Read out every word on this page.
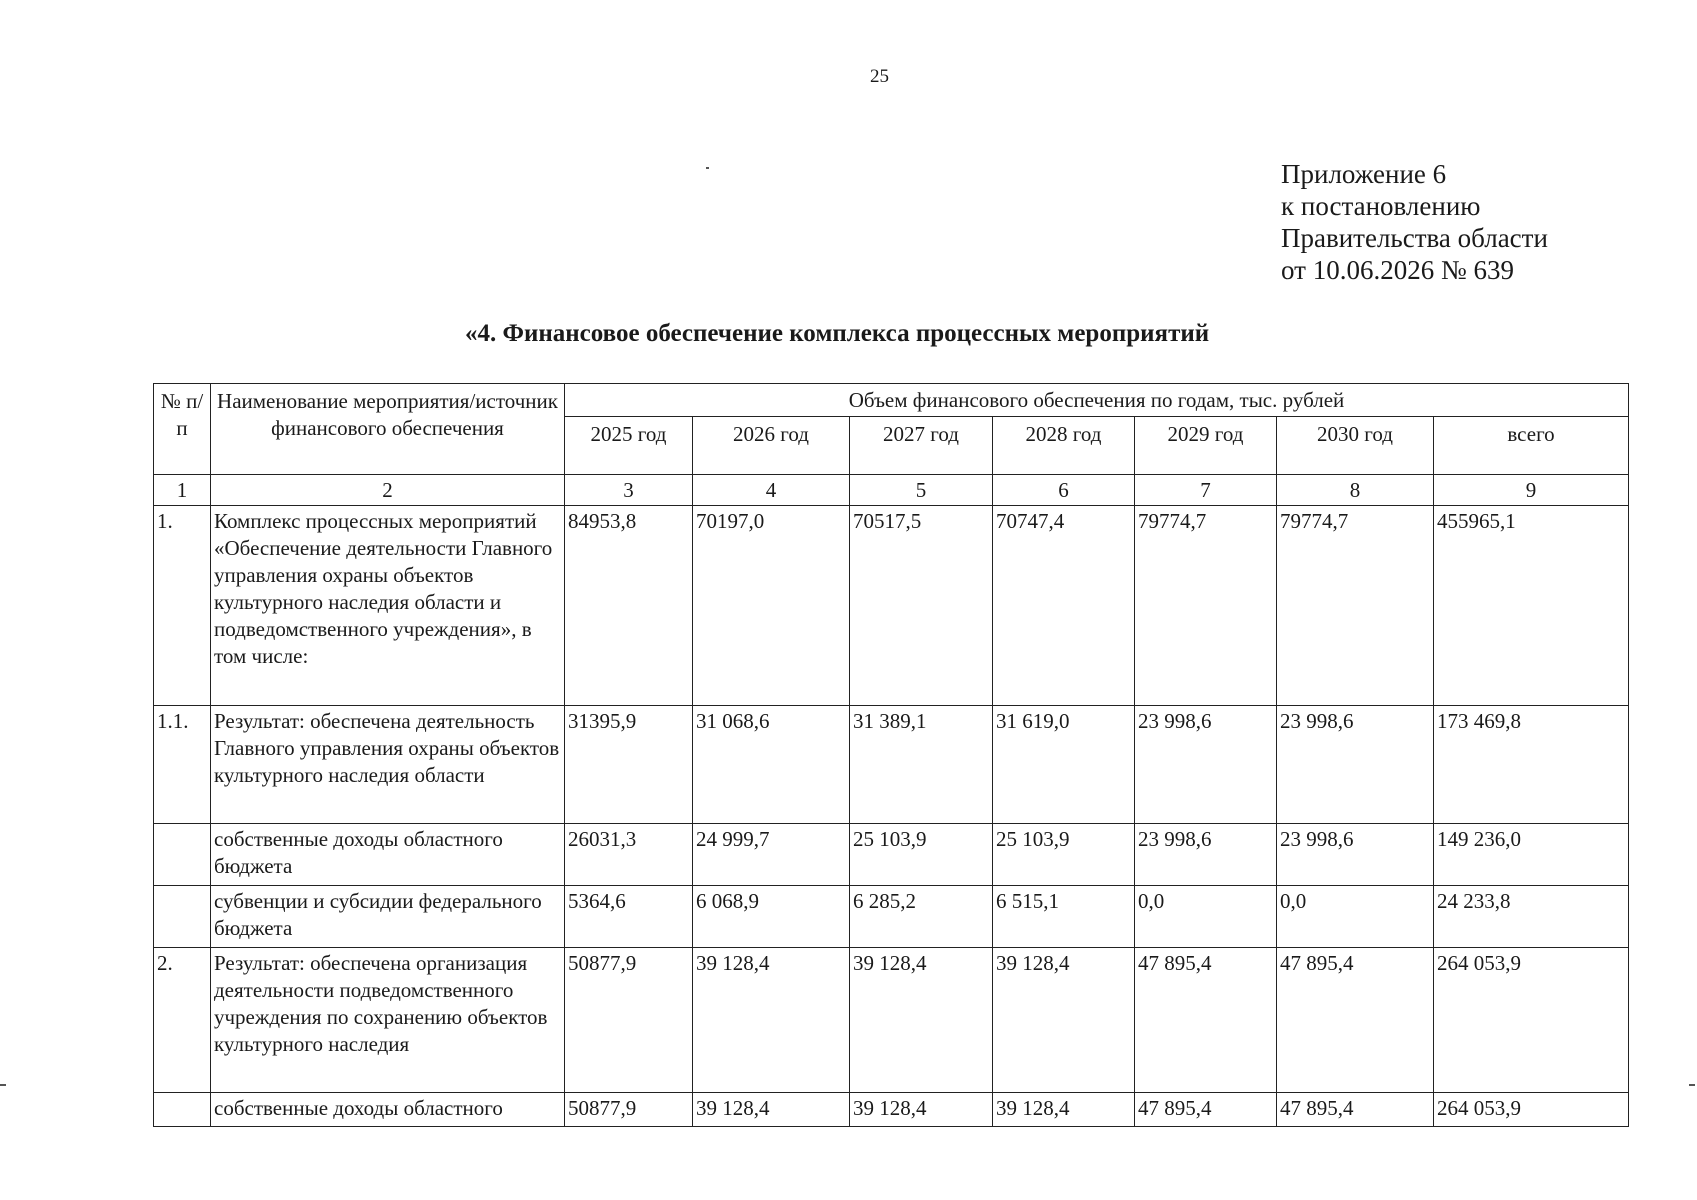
25
Приложение 6
к постановлению
Правительства области
от 10.06.2026 № 639
«4. Финансовое обеспечение комплекса процессных мероприятий
№ п/п	Наименование мероприятия/источник финансового обеспечения	Объем финансового обеспечения по годам, тыс. рублей						
		2025 год	2026 год	2027 год	2028 год	2029 год	2030 год	всего
1	2	3	4	5	6	7	8	9
1.	Комплекс процессных мероприятий «Обеспечение деятельности Главного управления охраны объектов культурного наследия области и подведомственного учреждения», в том числе:	84953,8	70197,0	70517,5	70747,4	79774,7	79774,7	455965,1
1.1.	Результат: обеспечена деятельность Главного управления охраны объектов культурного наследия области	31395,9	31 068,6	31 389,1	31 619,0	23 998,6	23 998,6	173 469,8
	собственные доходы областного бюджета	26031,3	24 999,7	25 103,9	25 103,9	23 998,6	23 998,6	149 236,0
	субвенции и субсидии федерального бюджета	5364,6	6 068,9	6 285,2	6 515,1	0,0	0,0	24 233,8
2.	Результат: обеспечена организация деятельности подведомственного учреждения по сохранению объектов культурного наследия	50877,9	39 128,4	39 128,4	39 128,4	47 895,4	47 895,4	264 053,9
	собственные доходы областного	50877,9	39 128,4	39 128,4	39 128,4	47 895,4	47 895,4	264 053,9
